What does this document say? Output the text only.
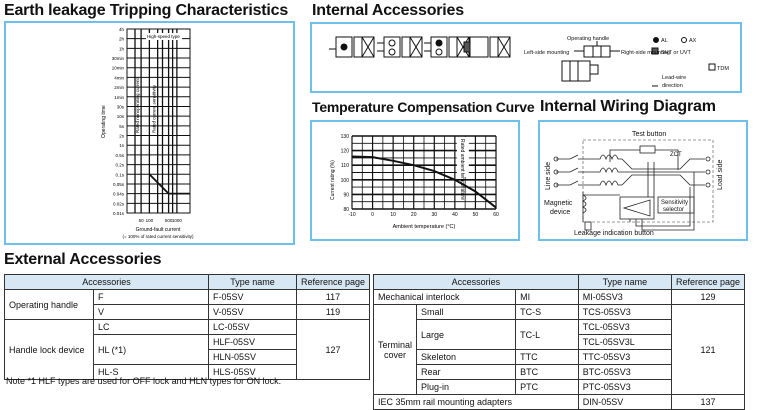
Earth leakage Tripping Characteristics Internal Accessories
Temperature Compensation Curve Internal Wiring Diagram
External Accessories
4h
2h
1h
30min
10min
4min
2min
1min
30s
10s
5s
2s
1s
0.5s
0.2s
0.1s
0.05s
0.04s
0.02s
0.01s
50 100	500 1000
High-speed type
Rated nonoperating current	Rated current sensitivity
Operating time
Ground-fault current
(= 100% of rated current sensitivity)
Operating handle
Left-side mounting	Right-side mounting
AL	AX
SHT or UVT
TDM
Lead-wire
direction
-10	0	10	20	30	40	50	60
80
90
100
110
120
130
Rated ambient temperature
Current rating (%)
Ambient temperature (°C)
Test button
ZCT
Line side	Load side
Magnetic
device
Sensitivity
selector
Leakage indication button
Accessories		Type name	Reference page
Operating handle	F	F-05SV	117
	V	V-05SV	119
Handle lock device	LC	LC-05SV	127
	HL (*1)	HLF-05SV	
		HLN-05SV	
	HL-S	HLS-05SV	
Accessories			Type name	Reference page
Mechanical interlock		MI	MI-05SV3	129
Terminal cover	Small	TC-S	TCS-05SV3	121
	Large	TC-L	TCL-05SV3	
			TCL-05SV3L	
	Skeleton	TTC	TTC-05SV3	
	Rear	BTC	BTC-05SV3	
	Plug-in	PTC	PTC-05SV3	
IEC 35mm rail mounting adapters			DIN-05SV	137
Note *1 HLF types are used for OFF lock and HLN types for ON lock.
